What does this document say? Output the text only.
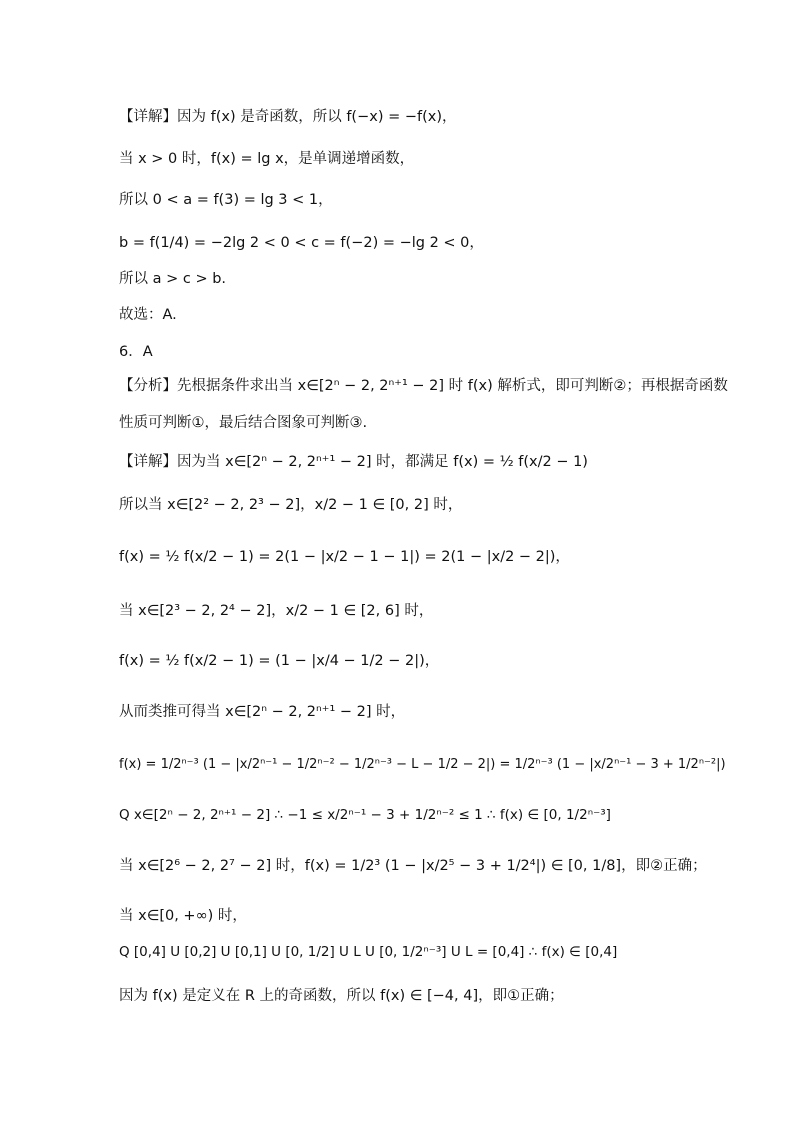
【详解】因为 f(x) 是奇函数，所以 f(−x) = −f(x)，
当 x > 0 时，f(x) = lg x，是单调递增函数，
所以 0 < a = f(3) = lg 3 < 1，
b = f(1/4) = −2lg 2 < 0 < c = f(−2) = −lg 2 < 0，
所以 a > c > b.
故选：A.
6．A
【分析】先根据条件求出当 x∈[2ⁿ − 2, 2ⁿ⁺¹ − 2] 时 f(x) 解析式，即可判断②；再根据奇函数
性质可判断①，最后结合图象可判断③.
【详解】因为当 x∈[2ⁿ − 2, 2ⁿ⁺¹ − 2] 时，都满足 f(x) = ½ f(x/2 − 1)
所以当 x∈[2² − 2, 2³ − 2]，x/2 − 1 ∈ [0, 2] 时，
f(x) = ½ f(x/2 − 1) = 2(1 − |x/2 − 1 − 1|) = 2(1 − |x/2 − 2|)，
当 x∈[2³ − 2, 2⁴ − 2]，x/2 − 1 ∈ [2, 6] 时，
f(x) = ½ f(x/2 − 1) = (1 − |x/4 − 1/2 − 2|)，
从而类推可得当 x∈[2ⁿ − 2, 2ⁿ⁺¹ − 2] 时，
f(x) = 1/2ⁿ⁻³ (1 − |x/2ⁿ⁻¹ − 1/2ⁿ⁻² − 1/2ⁿ⁻³ − L − 1/2 − 2|) = 1/2ⁿ⁻³ (1 − |x/2ⁿ⁻¹ − 3 + 1/2ⁿ⁻²|)
Q x∈[2ⁿ − 2, 2ⁿ⁺¹ − 2] ∴ −1 ≤ x/2ⁿ⁻¹ − 3 + 1/2ⁿ⁻² ≤ 1 ∴ f(x) ∈ [0, 1/2ⁿ⁻³]
当 x∈[2⁶ − 2, 2⁷ − 2] 时，f(x) = 1/2³ (1 − |x/2⁵ − 3 + 1/2⁴|) ∈ [0, 1/8]，即②正确；
当 x∈[0, +∞) 时，
Q [0,4] U [0,2] U [0,1] U [0, 1/2] U L U [0, 1/2ⁿ⁻³] U L = [0,4] ∴ f(x) ∈ [0,4]
因为 f(x) 是定义在 R 上的奇函数，所以 f(x) ∈ [−4, 4]，即①正确；
